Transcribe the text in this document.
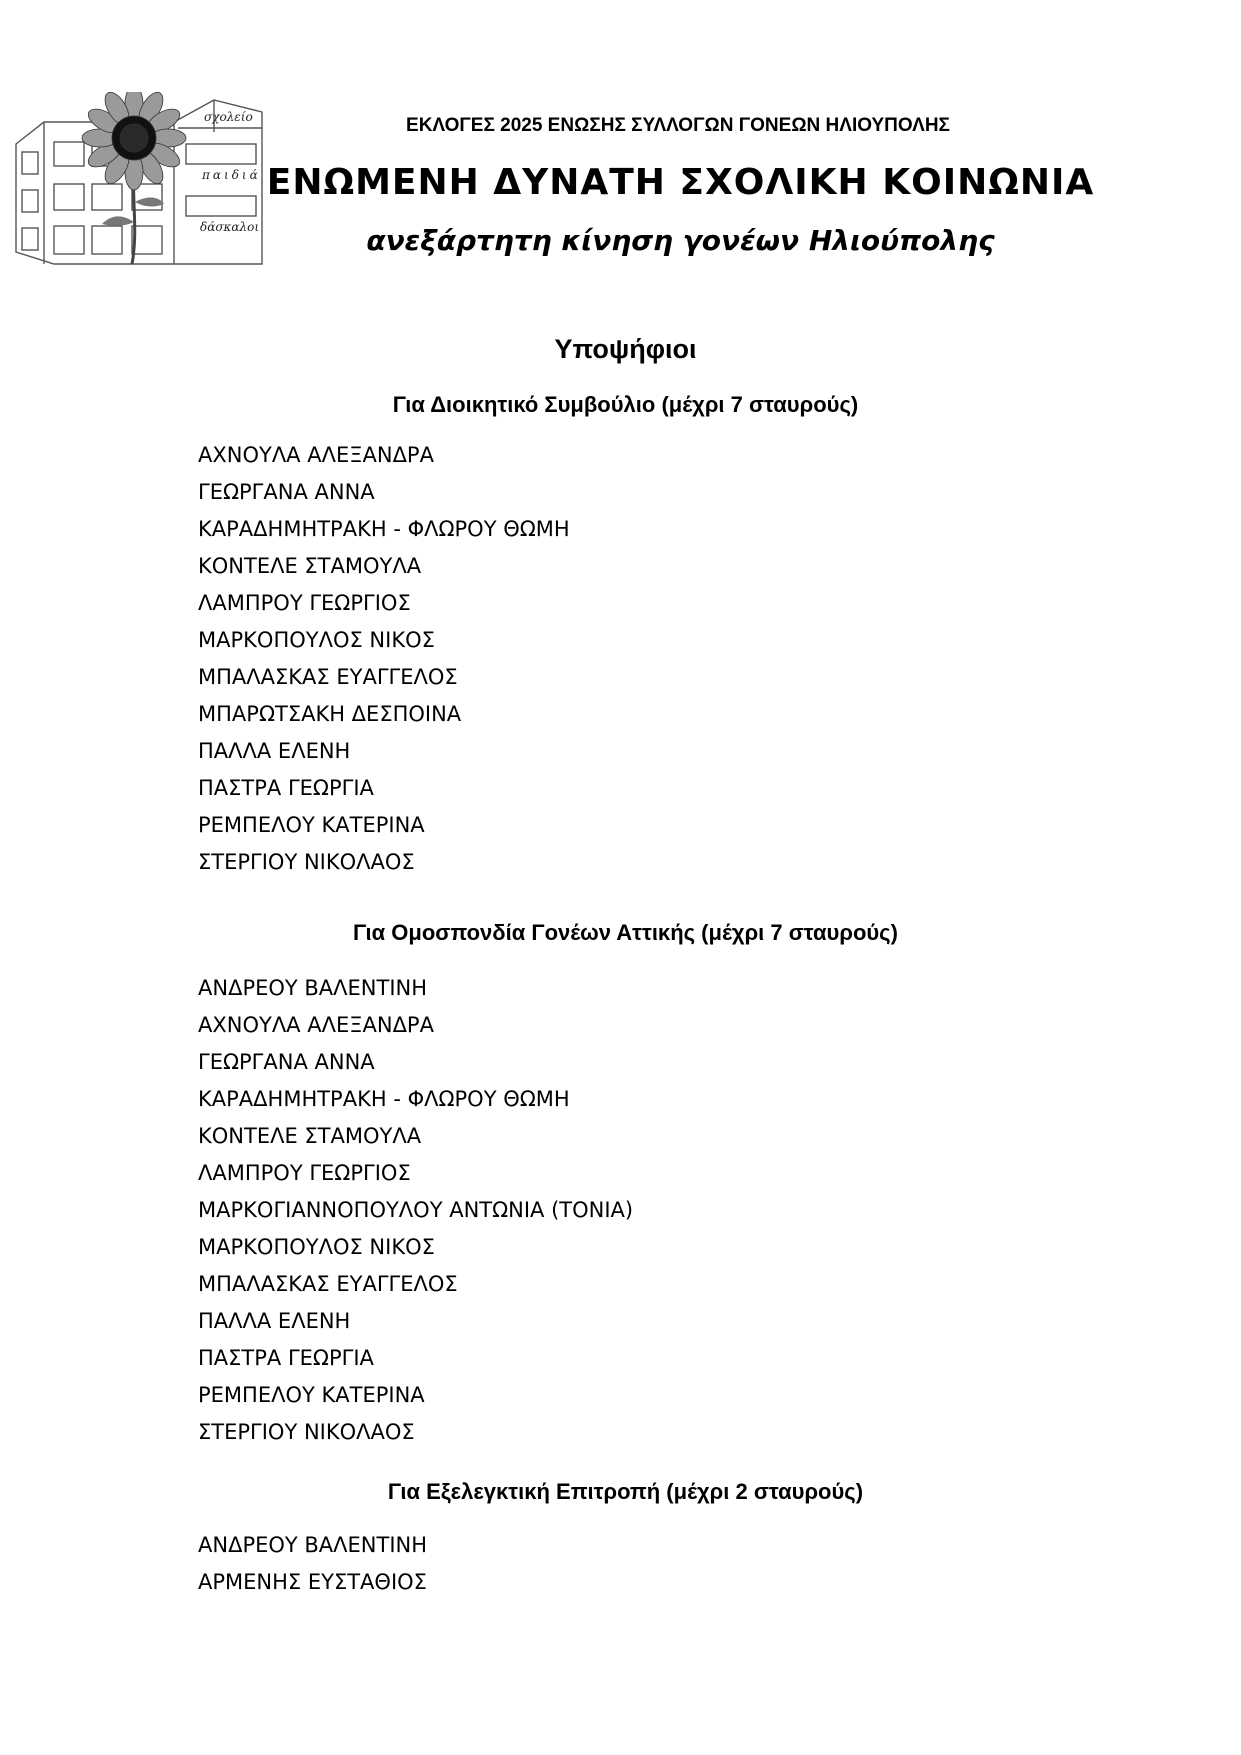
σχολείο
παιδιά
δάσκαλοι
ΕΚΛΟΓΕΣ 2025 ΕΝΩΣΗΣ ΣΥΛΛΟΓΩΝ ΓΟΝΕΩΝ ΗΛΙΟΥΠΟΛΗΣ
ΕΝΩΜΕΝΗ ΔΥΝΑΤΗ ΣΧΟΛΙΚΗ ΚΟΙΝΩΝΙΑ
ανεξάρτητη κίνηση γονέων Ηλιούπολης
Υποψήφιοι
Για Διοικητικό Συμβούλιο (μέχρι 7 σταυρούς)
ΑΧΝΟΥΛΑ ΑΛΕΞΑΝΔΡΑ
ΓΕΩΡΓΑΝΑ ΑΝΝΑ
ΚΑΡΑΔΗΜΗΤΡΑΚΗ - ΦΛΩΡΟΥ ΘΩΜΗ
ΚΟΝΤΕΛΕ ΣΤΑΜΟΥΛΑ
ΛΑΜΠΡΟΥ ΓΕΩΡΓΙΟΣ
ΜΑΡΚΟΠΟΥΛΟΣ ΝΙΚΟΣ
ΜΠΑΛΑΣΚΑΣ ΕΥΑΓΓΕΛΟΣ
ΜΠΑΡΩΤΣΑΚΗ ΔΕΣΠΟΙΝΑ
ΠΑΛΛΑ ΕΛΕΝΗ
ΠΑΣΤΡΑ ΓΕΩΡΓΙΑ
ΡΕΜΠΕΛΟΥ ΚΑΤΕΡΙΝΑ
ΣΤΕΡΓΙΟΥ ΝΙΚΟΛΑΟΣ
Για Ομοσπονδία Γονέων Αττικής (μέχρι 7 σταυρούς)
ΑΝΔΡΕΟΥ ΒΑΛΕΝΤΙΝΗ
ΑΧΝΟΥΛΑ ΑΛΕΞΑΝΔΡΑ
ΓΕΩΡΓΑΝΑ ΑΝΝΑ
ΚΑΡΑΔΗΜΗΤΡΑΚΗ - ΦΛΩΡΟΥ ΘΩΜΗ
ΚΟΝΤΕΛΕ ΣΤΑΜΟΥΛΑ
ΛΑΜΠΡΟΥ ΓΕΩΡΓΙΟΣ
ΜΑΡΚΟΓΙΑΝΝΟΠΟΥΛΟΥ ΑΝΤΩΝΙΑ (ΤΟΝΙΑ)
ΜΑΡΚΟΠΟΥΛΟΣ ΝΙΚΟΣ
ΜΠΑΛΑΣΚΑΣ ΕΥΑΓΓΕΛΟΣ
ΠΑΛΛΑ ΕΛΕΝΗ
ΠΑΣΤΡΑ ΓΕΩΡΓΙΑ
ΡΕΜΠΕΛΟΥ ΚΑΤΕΡΙΝΑ
ΣΤΕΡΓΙΟΥ ΝΙΚΟΛΑΟΣ
Για Εξελεγκτική Επιτροπή (μέχρι 2 σταυρούς)
ΑΝΔΡΕΟΥ ΒΑΛΕΝΤΙΝΗ
ΑΡΜΕΝΗΣ ΕΥΣΤΑΘΙΟΣ
